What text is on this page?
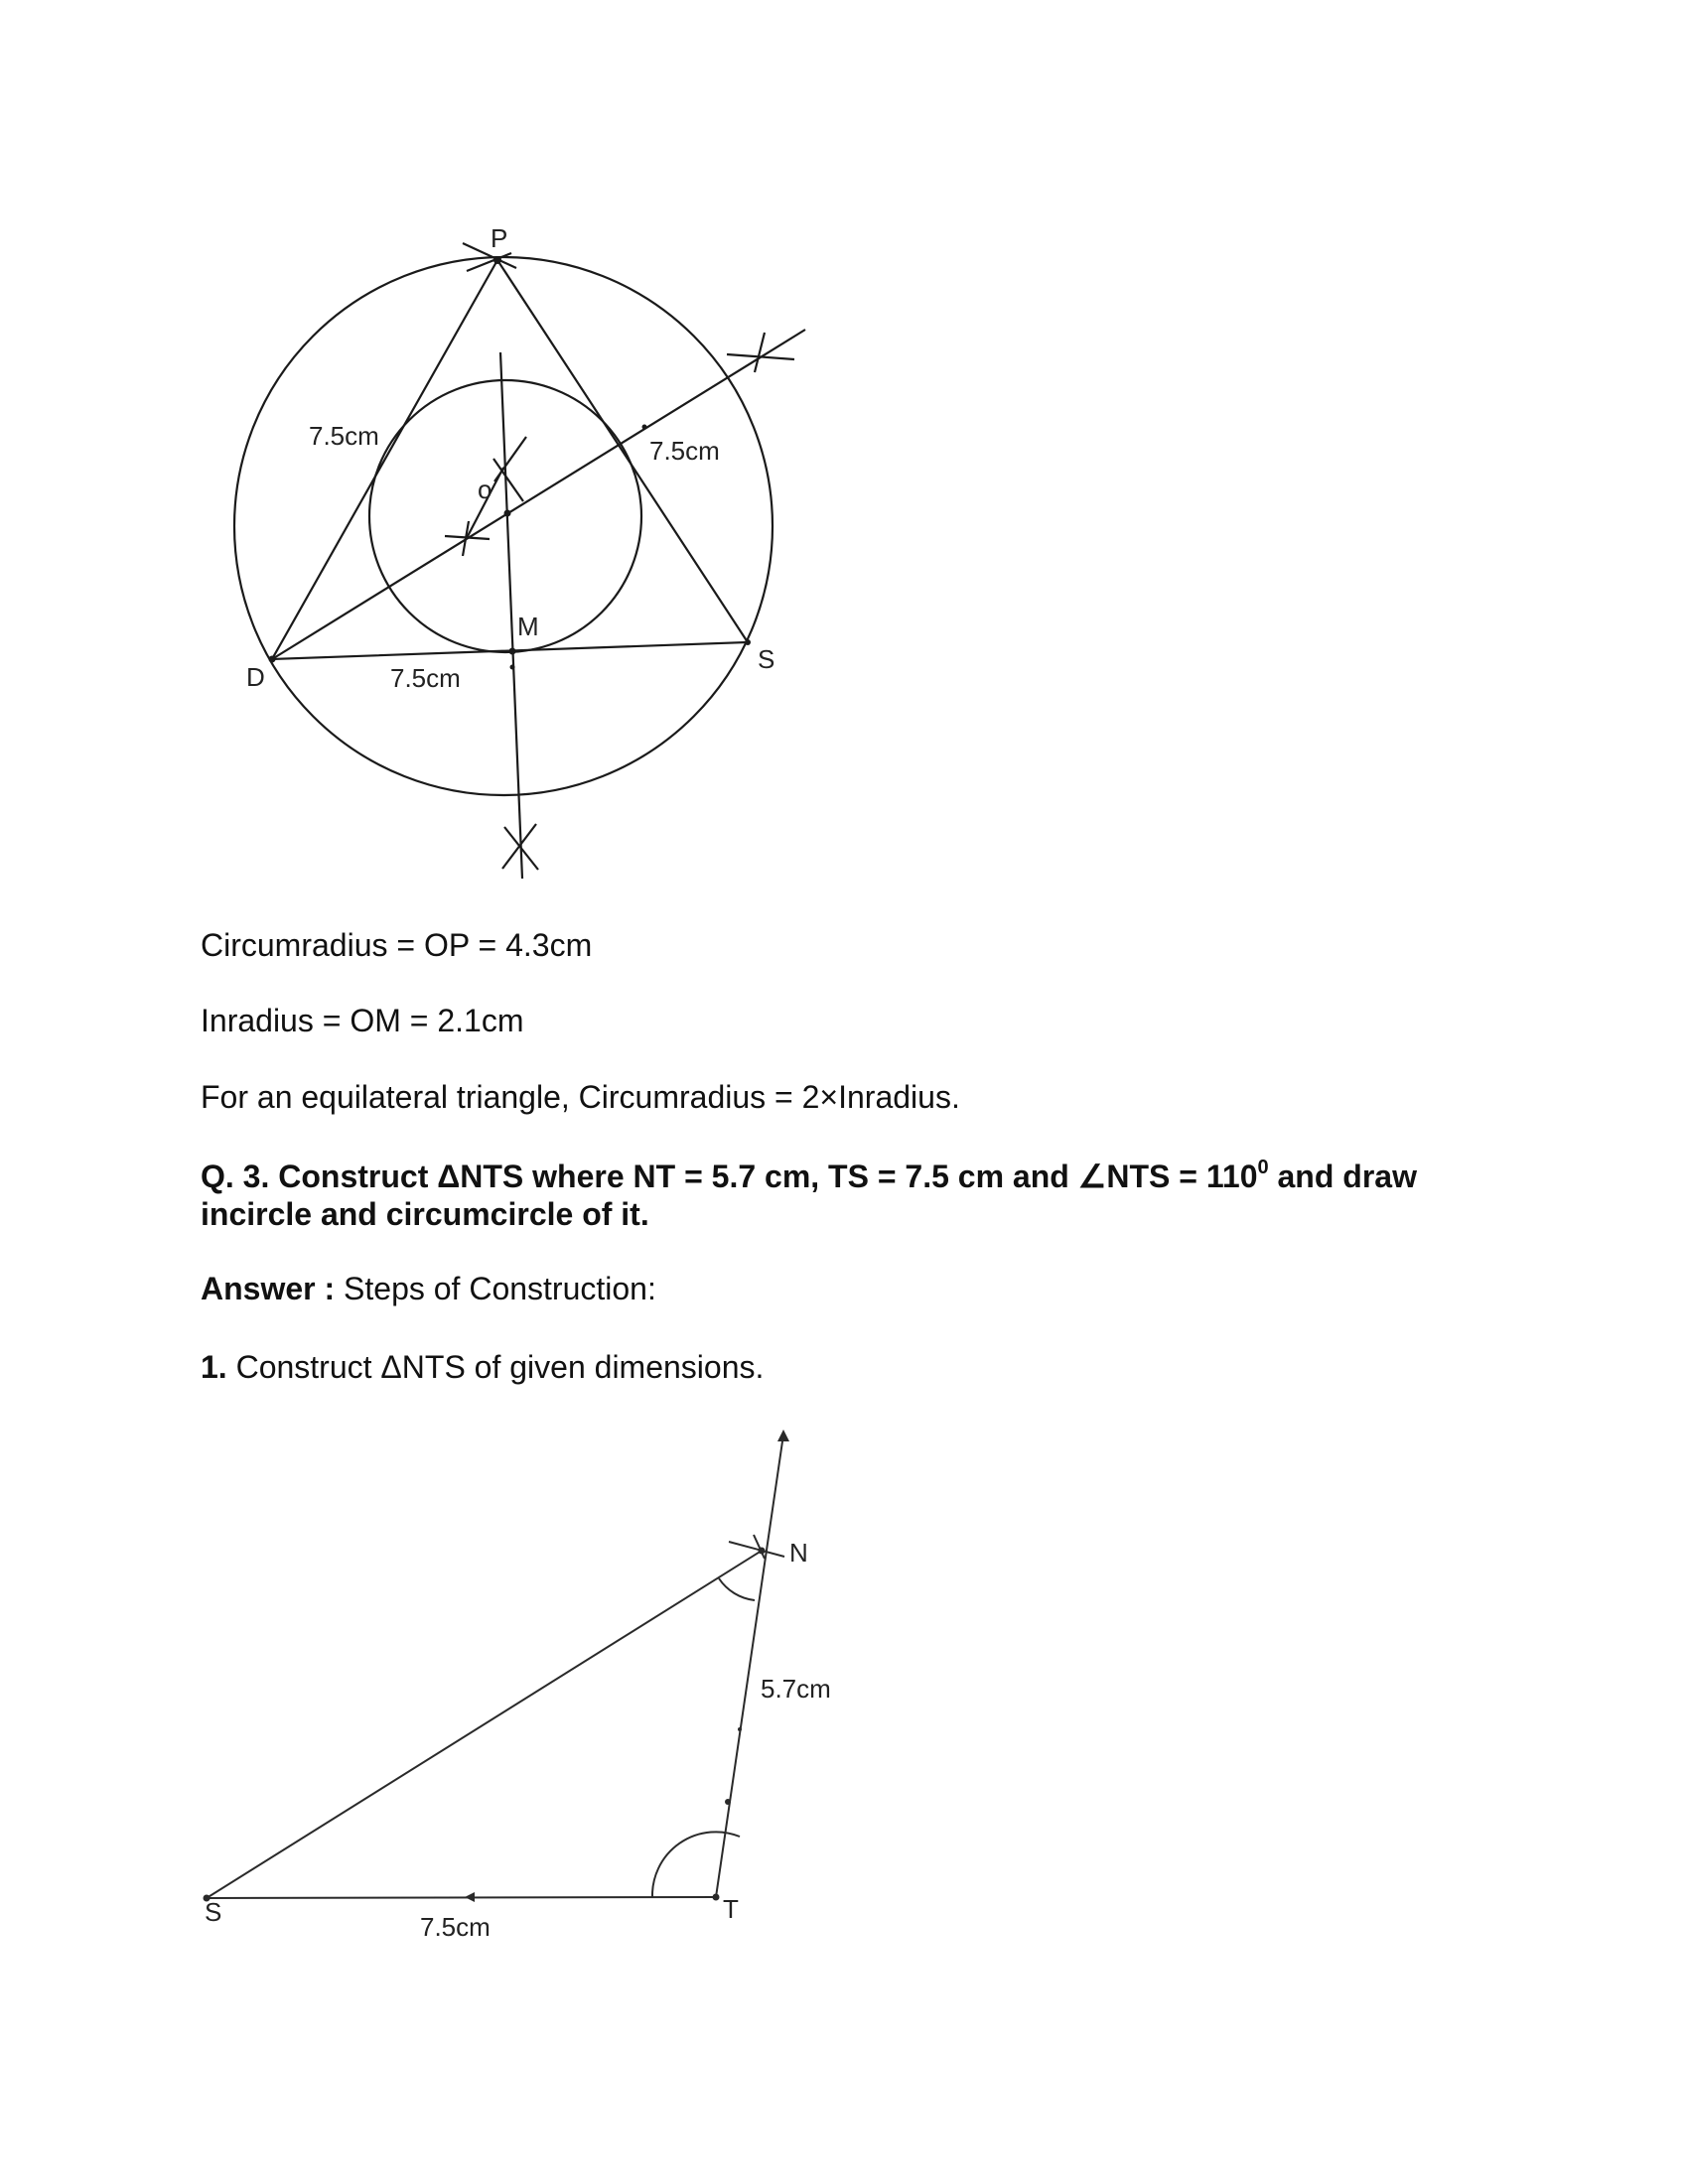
P
D
S
M
o
7.5cm	7.5cm
7.5cm
Circumradius = OP = 4.3cm
Inradius = OM = 2.1cm
For an equilateral triangle, Circumradius = 2×Inradius.
Q. 3. Construct ΔNTS where NT = 5.7 cm, TS = 7.5 cm and ∠NTS = $110^0$ and draw incircle and circumcircle of it.
Answer : Steps of Construction:
1. Construct ΔNTS of given dimensions.
N
T
S
5.7cm
7.5cm
